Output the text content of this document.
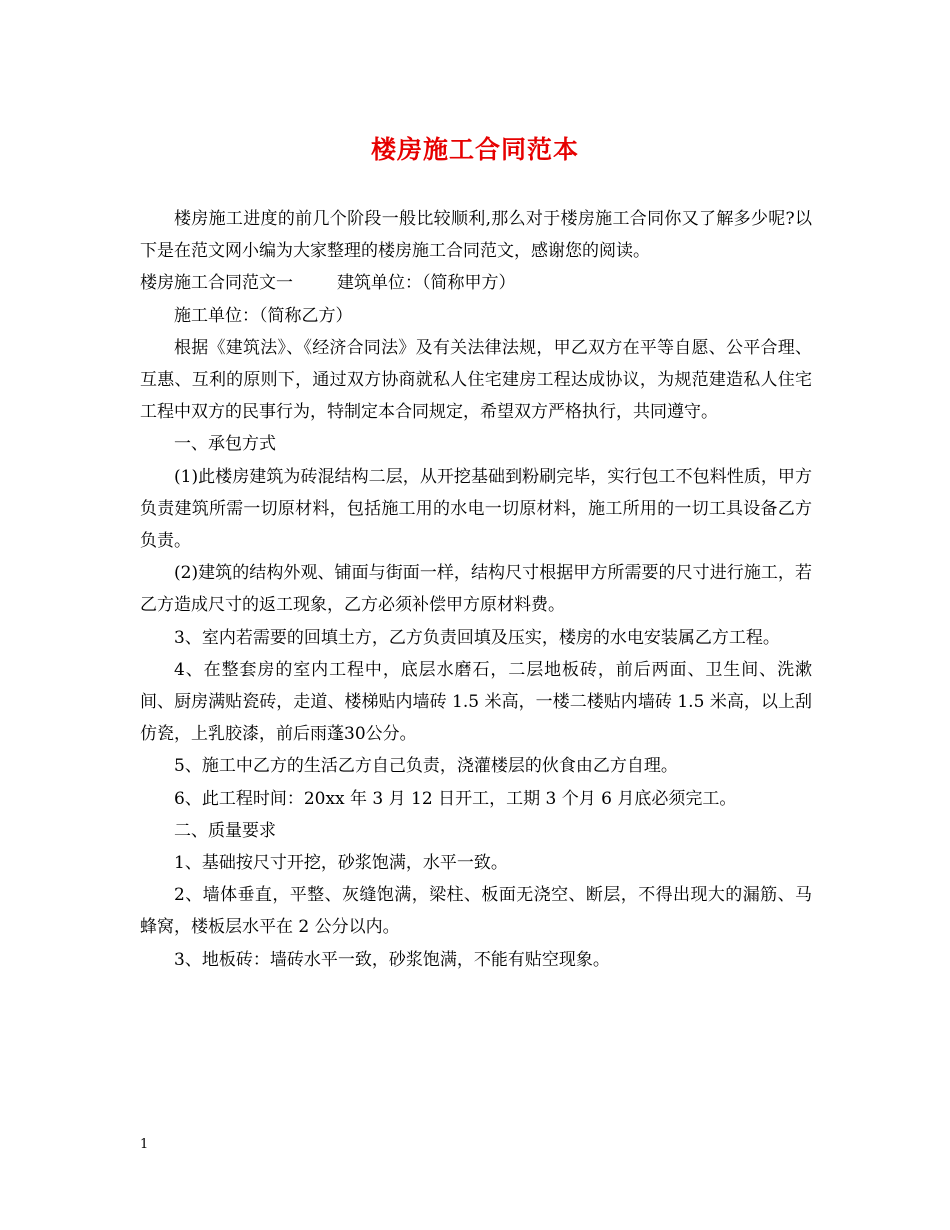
楼房施工合同范本

楼房施工进度的前几个阶段一般比较顺利,那么对于楼房施工合同你又了解多少呢?以下是在范文网小编为大家整理的楼房施工合同范文，感谢您的阅读。

楼房施工合同范文一	建筑单位：（简称甲方）

施工单位：（简称乙方）

根据《建筑法》、《经济合同法》及有关法律法规，甲乙双方在平等自愿、公平合理、互惠、互利的原则下，通过双方协商就私人住宅建房工程达成协议，为规范建造私人住宅工程中双方的民事行为，特制定本合同规定，希望双方严格执行，共同遵守。

一、承包方式

(1)此楼房建筑为砖混结构二层，从开挖基础到粉刷完毕，实行包工不包料性质，甲方负责建筑所需一切原材料，包括施工用的水电一切原材料，施工所用的一切工具设备乙方负责。

(2)建筑的结构外观、铺面与街面一样，结构尺寸根据甲方所需要的尺寸进行施工，若乙方造成尺寸的返工现象，乙方必须补偿甲方原材料费。

3、室内若需要的回填土方，乙方负责回填及压实，楼房的水电安装属乙方工程。

4、在整套房的室内工程中，底层水磨石，二层地板砖，前后两面、卫生间、洗漱间、厨房满贴瓷砖，走道、楼梯贴内墙砖 1.5 米高，一楼二楼贴内墙砖 1.5 米高，以上刮仿瓷，上乳胶漆，前后雨蓬30公分。

5、施工中乙方的生活乙方自己负责，浇灌楼层的伙食由乙方自理。

6、此工程时间：20xx 年 3 月 12 日开工，工期 3 个月 6 月底必须完工。

二、质量要求

1、基础按尺寸开挖，砂浆饱满，水平一致。

2、墙体垂直，平整、灰缝饱满，梁柱、板面无浇空、断层，不得出现大的漏筋、马蜂窝，楼板层水平在 2 公分以内。

3、地板砖：墙砖水平一致，砂浆饱满，不能有贴空现象。

1
